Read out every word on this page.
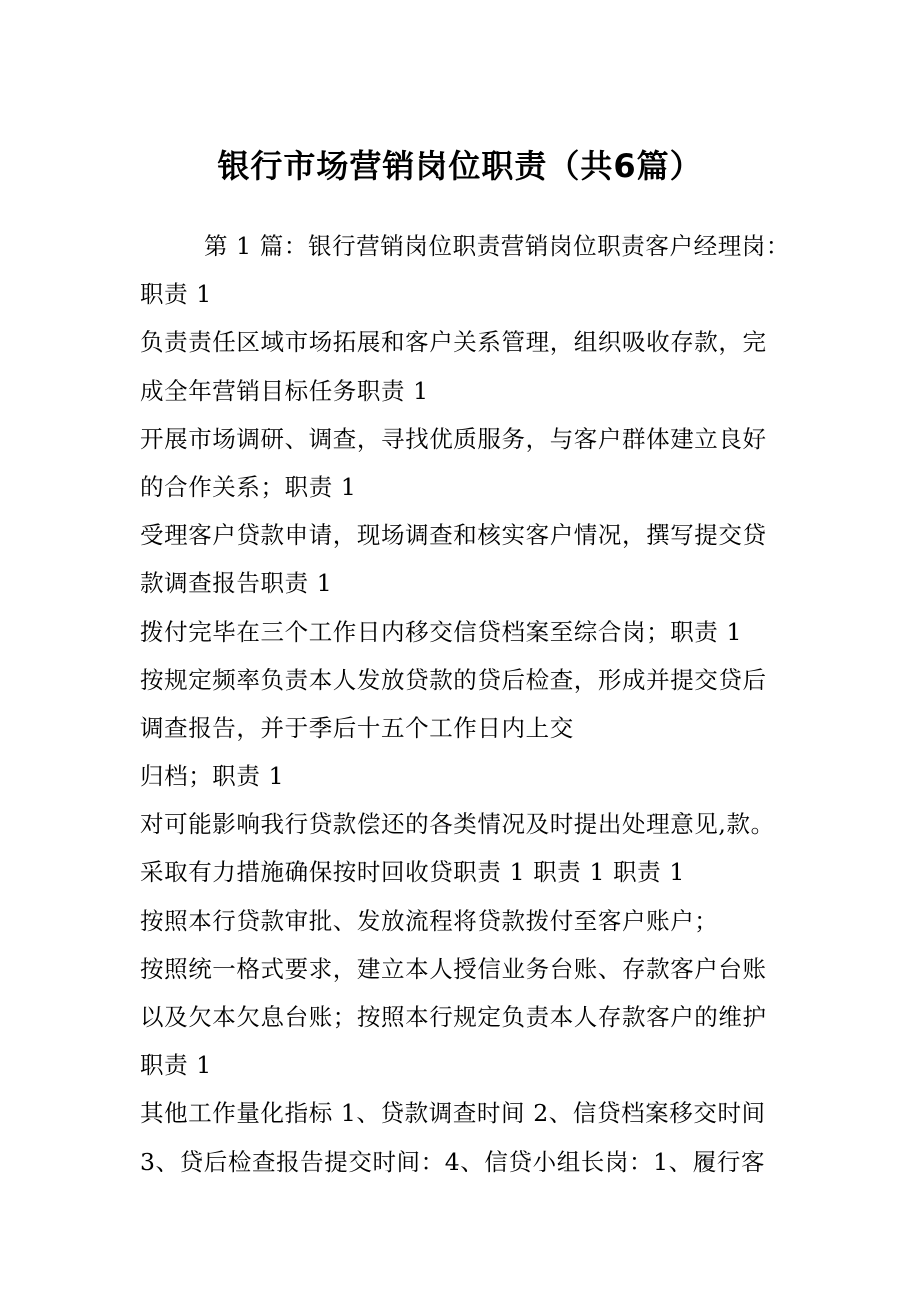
银行市场营销岗位职责（共6篇）
第 1 篇：银行营销岗位职责营销岗位职责客户经理岗：
职责 1
负责责任区域市场拓展和客户关系管理，组织吸收存款，完
成全年营销目标任务职责 1
开展市场调研、调查，寻找优质服务，与客户群体建立良好
的合作关系；职责 1
受理客户贷款申请，现场调查和核实客户情况，撰写提交贷
款调查报告职责 1
拨付完毕在三个工作日内移交信贷档案至综合岗；职责 1
按规定频率负责本人发放贷款的贷后检查，形成并提交贷后
调查报告，并于季后十五个工作日内上交
归档；职责 1
对可能影响我行贷款偿还的各类情况及时提出处理意见,款。
采取有力措施确保按时回收贷职责 1 职责 1 职责 1
按照本行贷款审批、发放流程将贷款拨付至客户账户；
按照统一格式要求，建立本人授信业务台账、存款客户台账
以及欠本欠息台账；按照本行规定负责本人存款客户的维护
职责 1
其他工作量化指标 1、贷款调查时间 2、信贷档案移交时间
3、贷后检查报告提交时间：4、信贷小组长岗：1、履行客
